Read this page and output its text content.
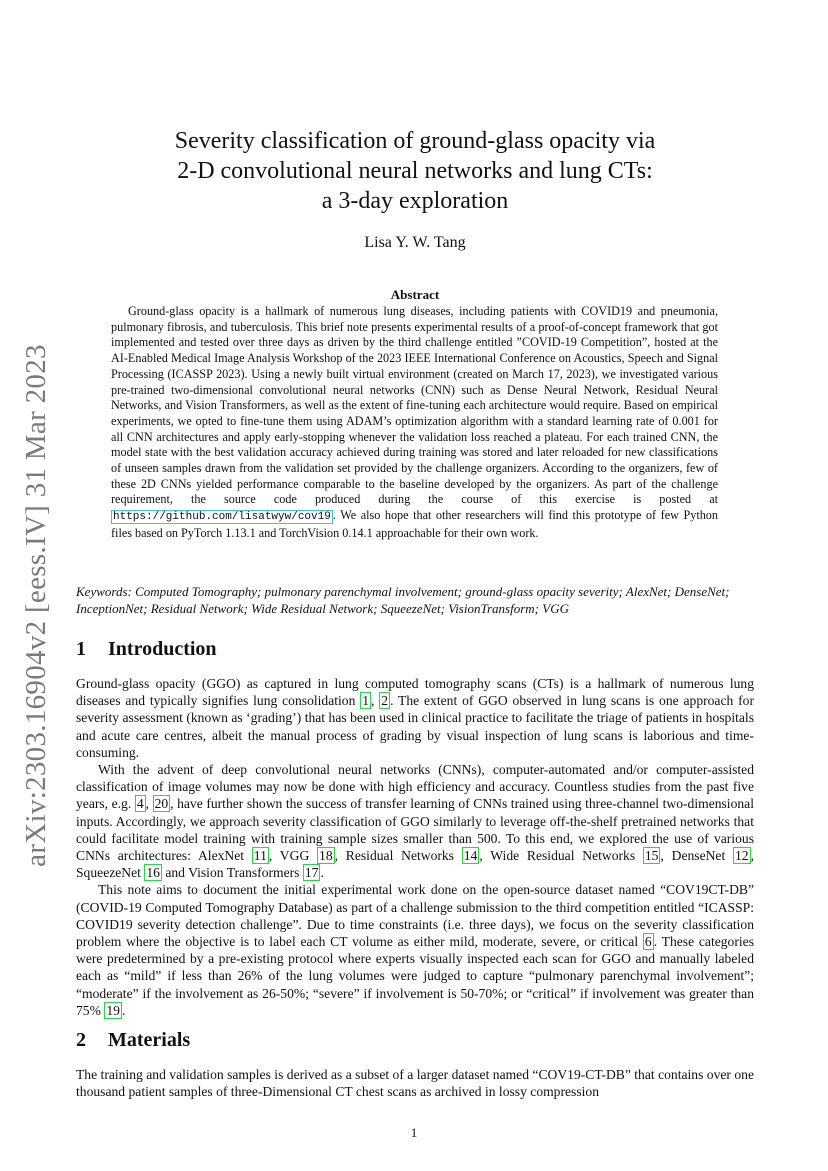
arXiv:2303.16904v2 [eess.IV] 31 Mar 2023
Severity classification of ground-glass opacity via
2-D convolutional neural networks and lung CTs:
a 3-day exploration
Lisa Y. W. Tang
Abstract

Ground-glass opacity is a hallmark of numerous lung diseases, including patients with COVID19 and pneumonia, pulmonary fibrosis, and tuberculosis. This brief note presents experimental results of a proof-of-concept framework that got implemented and tested over three days as driven by the third challenge entitled ”COVID-19 Competition”, hosted at the AI-Enabled Medical Image Analysis Workshop of the 2023 IEEE International Conference on Acoustics, Speech and Signal Processing (ICASSP 2023). Using a newly built virtual environment (created on March 17, 2023), we investigated various pre-trained two-dimensional convolutional neural networks (CNN) such as Dense Neural Network, Residual Neural Networks, and Vision Transformers, as well as the extent of fine-tuning each architecture would require. Based on empirical experiments, we opted to fine-tune them using ADAM’s optimization algorithm with a standard learning rate of 0.001 for all CNN architectures and apply early-stopping whenever the validation loss reached a plateau. For each trained CNN, the model state with the best validation accuracy achieved during training was stored and later reloaded for new classifications of unseen samples drawn from the validation set provided by the challenge organizers. According to the organizers, few of these 2D CNNs yielded performance comparable to the baseline developed by the organizers. As part of the challenge requirement, the source code produced during the course of this exercise is posted at https://github.com/lisatwyw/cov19 . We also hope that other researchers will find this prototype of few Python files based on PyTorch 1.13.1 and TorchVision 0.14.1 approachable for their own work.

Keywords: Computed Tomography; pulmonary parenchymal involvement; ground-glass opacity severity; AlexNet; DenseNet; InceptionNet; Residual Network; Wide Residual Network; SqueezeNet; VisionTransform; VGG

1 Introduction

Ground-glass opacity (GGO) as captured in lung computed tomography scans (CTs) is a hallmark of numerous lung diseases and typically signifies lung consolidation 1 , 2 . The extent of GGO observed in lung scans is one approach for severity assessment (known as ‘grading’) that has been used in clinical practice to facilitate the triage of patients in hospitals and acute care centres, albeit the manual process of grading by visual inspection of lung scans is laborious and time-consuming.

With the advent of deep convolutional neural networks (CNNs), computer-automated and/or computer-assisted classification of image volumes may now be done with high efficiency and accuracy. Countless studies from the past five years, e.g. 4 , 20 , have further shown the success of transfer learning of CNNs trained using three-channel two-dimensional inputs. Accordingly, we approach severity classification of GGO similarly to leverage off-the-shelf pretrained networks that could facilitate model training with training sample sizes smaller than 500. To this end, we explored the use of various CNNs architectures: AlexNet 11 , VGG 18 , Residual Networks 14 , Wide Residual Networks 15 , DenseNet 12 , SqueezeNet 16 and Vision Transformers 17 .

This note aims to document the initial experimental work done on the open-source dataset named “COV19CT-DB” (COVID-19 Computed Tomography Database) as part of a challenge submission to the third competition entitled “ICASSP: COVID19 severity detection challenge”. Due to time constraints (i.e. three days), we focus on the severity classification problem where the objective is to label each CT volume as either mild, moderate, severe, or critical 6 . These categories were predetermined by a pre-existing protocol where experts visually inspected each scan for GGO and manually labeled each as “mild” if less than 26% of the lung volumes were judged to capture “pulmonary parenchymal involvement”; “moderate” if the involvement as 26-50%; “severe” if involvement is 50-70%; or “critical” if involvement was greater than 75% 19 .

2 Materials

The training and validation samples is derived as a subset of a larger dataset named “COV19-CT-DB” that contains over one thousand patient samples of three-Dimensional CT chest scans as archived in lossy compression

1
